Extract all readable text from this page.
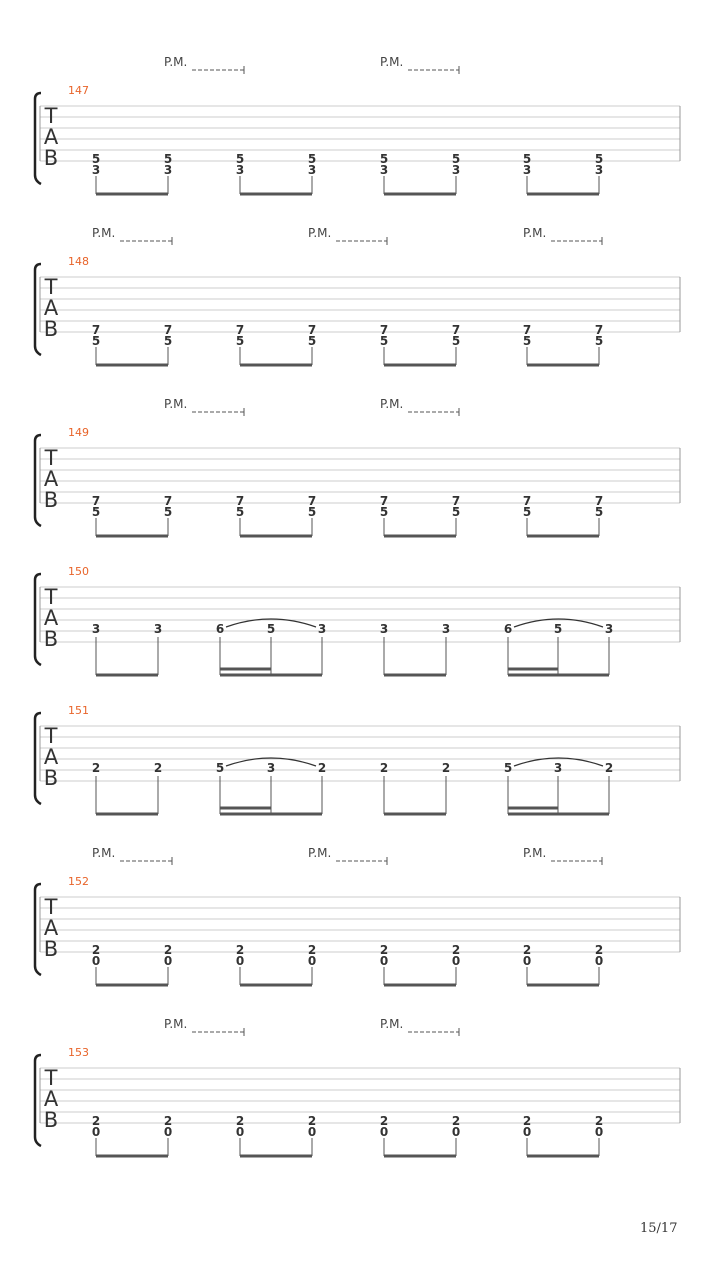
T
A
B
147
P.M.	P.M.
5
3
5
3
5
3
5
3
5
3
5
3
5
3
5
3
T
A
B
148
P.M.	P.M.	P.M.
7
5
7
5
7
5
7
5
7
5
7
5
7
5
7
5
T
A
B
149
P.M.	P.M.
7
5
7
5
7
5
7
5
7
5
7
5
7
5
7
5
T
A
B
150
3	3	6	5	3	3	3	6	5	3
T
A
B
151
2	2	5	3	2	2	2	5	3	2
T
A
B
152
P.M.	P.M.	P.M.
2
0
2
0
2
0
2
0
2
0
2
0
2
0
2
0
T
A
B
153
P.M.	P.M.
2
0
2
0
2
0
2
0
2
0
2
0
2
0
2
0
15/17
